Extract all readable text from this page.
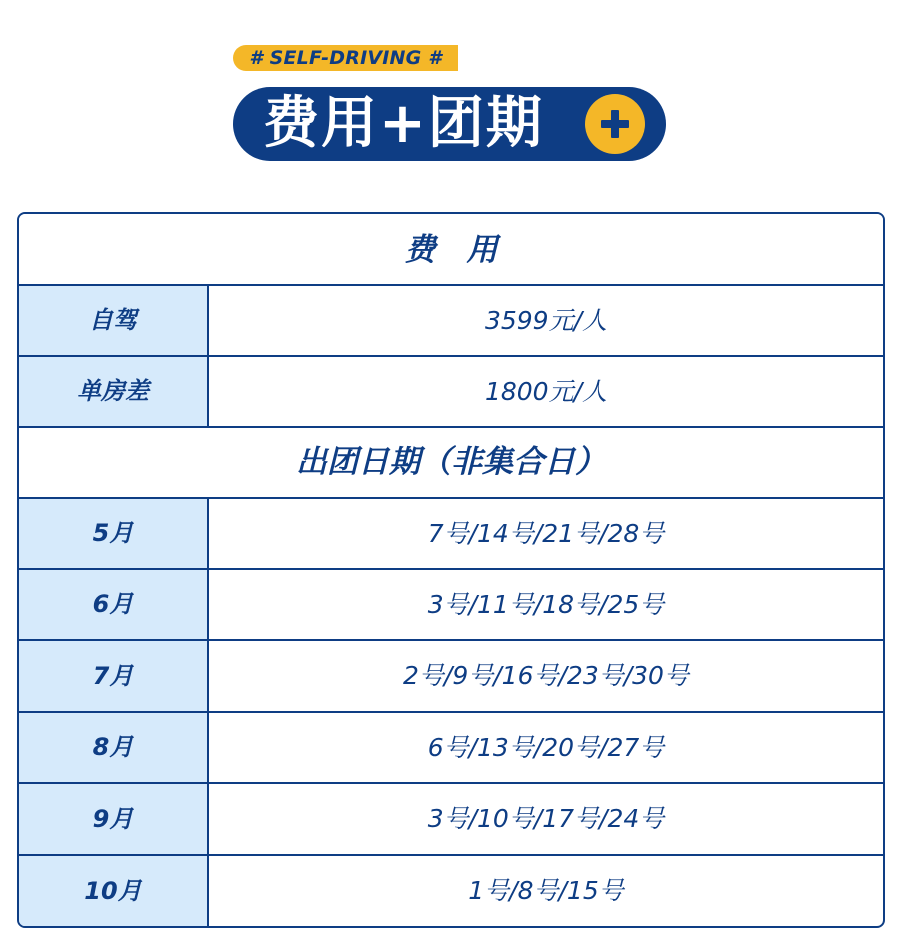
# SELF-DRIVING #
费用+团期
费　用
自驾	3599元/人
单房差	1800元/人
出团日期（非集合日）
5月	7号/14号/21号/28号
6月	3号/11号/18号/25号
7月	2号/9号/16号/23号/30号
8月	6号/13号/20号/27号
9月	3号/10号/17号/24号
10月	1号/8号/15号
